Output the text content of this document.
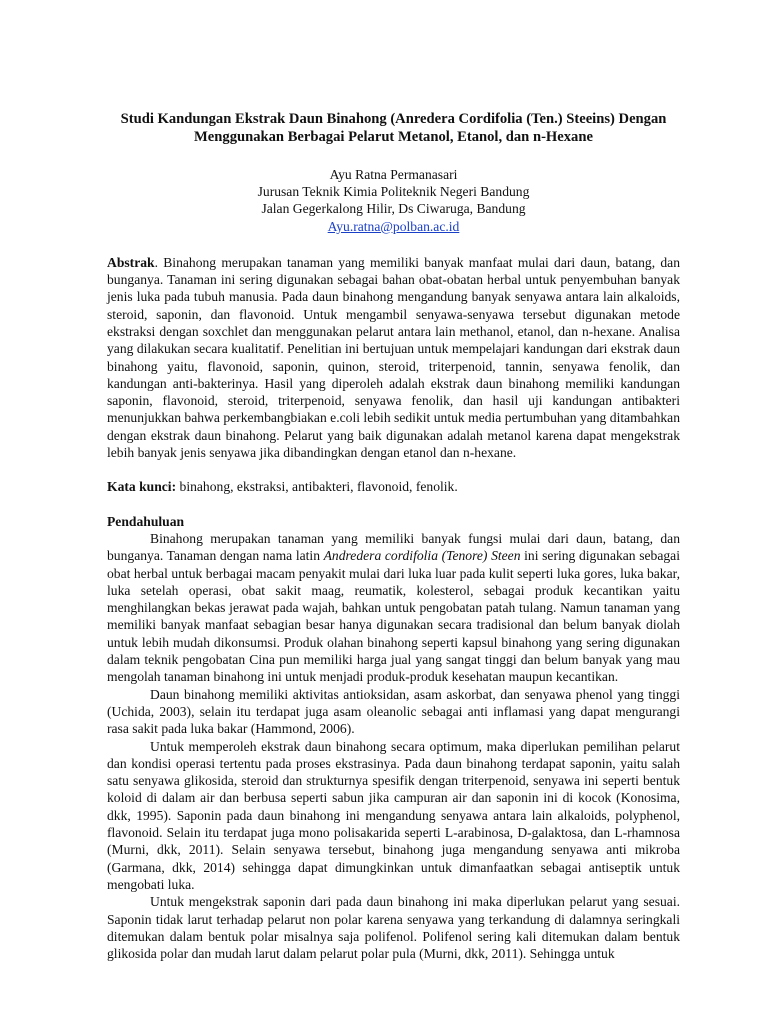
Studi Kandungan Ekstrak Daun Binahong (Anredera Cordifolia (Ten.) Steeins) Dengan
Menggunakan Berbagai Pelarut Metanol, Etanol, dan n-Hexane
Ayu Ratna Permanasari
Jurusan Teknik Kimia Politeknik Negeri Bandung
Jalan Gegerkalong Hilir, Ds Ciwaruga, Bandung
Ayu.ratna@polban.ac.id
Abstrak. Binahong merupakan tanaman yang memiliki banyak manfaat mulai dari daun, batang, dan bunganya. Tanaman ini sering digunakan sebagai bahan obat-obatan herbal untuk penyembuhan banyak jenis luka pada tubuh manusia. Pada daun binahong mengandung banyak senyawa antara lain alkaloids, steroid, saponin, dan flavonoid. Untuk mengambil senyawa-senyawa tersebut digunakan metode ekstraksi dengan soxchlet dan menggunakan pelarut antara lain methanol, etanol, dan n-hexane. Analisa yang dilakukan secara kualitatif. Penelitian ini bertujuan untuk mempelajari kandungan dari ekstrak daun binahong yaitu, flavonoid, saponin, quinon, steroid, triterpenoid, tannin, senyawa fenolik, dan kandungan anti-bakterinya. Hasil yang diperoleh adalah ekstrak daun binahong memiliki kandungan saponin, flavonoid, steroid, triterpenoid, senyawa fenolik, dan hasil uji kandungan antibakteri menunjukkan bahwa perkembangbiakan e.coli lebih sedikit untuk media pertumbuhan yang ditambahkan dengan ekstrak daun binahong. Pelarut yang baik digunakan adalah metanol karena dapat mengekstrak lebih banyak jenis senyawa jika dibandingkan dengan etanol dan n-hexane.
Kata kunci: binahong, ekstraksi, antibakteri, flavonoid, fenolik.
Pendahuluan

Binahong merupakan tanaman yang memiliki banyak fungsi mulai dari daun, batang, dan bunganya. Tanaman dengan nama latin Andredera cordifolia (Tenore) Steen ini sering digunakan sebagai obat herbal untuk berbagai macam penyakit mulai dari luka luar pada kulit seperti luka gores, luka bakar, luka setelah operasi, obat sakit maag, reumatik, kolesterol, sebagai produk kecantikan yaitu menghilangkan bekas jerawat pada wajah, bahkan untuk pengobatan patah tulang. Namun tanaman yang memiliki banyak manfaat sebagian besar hanya digunakan secara tradisional dan belum banyak diolah untuk lebih mudah dikonsumsi. Produk olahan binahong seperti kapsul binahong yang sering digunakan dalam teknik pengobatan Cina pun memiliki harga jual yang sangat tinggi dan belum banyak yang mau mengolah tanaman binahong ini untuk menjadi produk-produk kesehatan maupun kecantikan.

Daun binahong memiliki aktivitas antioksidan, asam askorbat, dan senyawa phenol yang tinggi (Uchida, 2003), selain itu terdapat juga asam oleanolic sebagai anti inflamasi yang dapat mengurangi rasa sakit pada luka bakar (Hammond, 2006).

Untuk memperoleh ekstrak daun binahong secara optimum, maka diperlukan pemilihan pelarut dan kondisi operasi tertentu pada proses ekstrasinya. Pada daun binahong terdapat saponin, yaitu salah satu senyawa glikosida, steroid dan strukturnya spesifik dengan triterpenoid, senyawa ini seperti bentuk koloid di dalam air dan berbusa seperti sabun jika campuran air dan saponin ini di kocok (Konosima, dkk, 1995). Saponin pada daun binahong ini mengandung senyawa antara lain alkaloids, polyphenol, flavonoid. Selain itu terdapat juga mono polisakarida seperti L-arabinosa, D-galaktosa, dan L-rhamnosa (Murni, dkk, 2011). Selain senyawa tersebut, binahong juga mengandung senyawa anti mikroba (Garmana, dkk, 2014) sehingga dapat dimungkinkan untuk dimanfaatkan sebagai antiseptik untuk mengobati luka.

Untuk mengekstrak saponin dari pada daun binahong ini maka diperlukan pelarut yang sesuai. Saponin tidak larut terhadap pelarut non polar karena senyawa yang terkandung di dalamnya seringkali ditemukan dalam bentuk polar misalnya saja polifenol. Polifenol sering kali ditemukan dalam bentuk glikosida polar dan mudah larut dalam pelarut polar pula (Murni, dkk, 2011). Sehingga untuk
